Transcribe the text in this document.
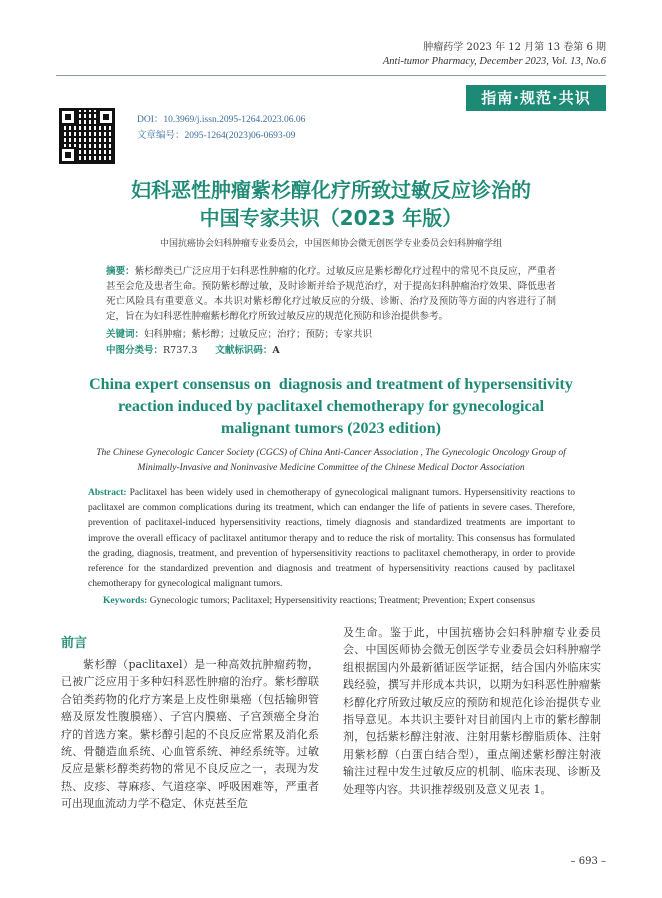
肿瘤药学 2023 年 12 月第 13 卷第 6 期
Anti-tumor Pharmacy, December 2023, Vol. 13, No.6
指南·规范·共识
DOI：10.3969/j.issn.2095-1264.2023.06.06
文章编号：2095-1264(2023)06-0693-09
妇科恶性肿瘤紫杉醇化疗所致过敏反应诊治的
中国专家共识（2023 年版）
中国抗癌协会妇科肿瘤专业委员会，中国医师协会微无创医学专业委员会妇科肿瘤学组
摘要：紫杉醇类已广泛应用于妇科恶性肿瘤的化疗。过敏反应是紫杉醇化疗过程中的常见不良反应，严重者甚至会危及患者生命。预防紫杉醇过敏，及时诊断并给予规范治疗，对于提高妇科肿瘤治疗效果、降低患者死亡风险具有重要意义。本共识对紫杉醇化疗过敏反应的分级、诊断、治疗及预防等方面的内容进行了制定，旨在为妇科恶性肿瘤紫杉醇化疗所致过敏反应的规范化预防和诊治提供参考。
关键词：妇科肿瘤；紫杉醇；过敏反应；治疗；预防；专家共识
中图分类号：R737.3 文献标识码：A
China expert consensus on  diagnosis and treatment of hypersensitivity
reaction induced by paclitaxel chemotherapy for gynecological
malignant tumors (2023 edition)
The Chinese Gynecologic Cancer Society (CGCS) of China Anti-Cancer Association , The Gynecologic Oncology Group of
Minimally-Invasive and Noninvasive Medicine Committee of the Chinese Medical Doctor Association
Abstract: Paclitaxel has been widely used in chemotherapy of gynecological malignant tumors. Hypersensitivity reactions to paclitaxel are common complications during its treatment, which can endanger the life of patients in severe cases. Therefore, prevention of paclitaxel-induced hypersensitivity reactions, timely diagnosis and standardized treatments are important to improve the overall efficacy of paclitaxel antitumor therapy and to reduce the risk of mortality. This consensus has formulated the grading, diagnosis, treatment, and prevention of hypersensitivity reactions to paclitaxel chemotherapy, in order to provide reference for the standardized prevention and diagnosis and treatment of hypersensitivity reactions caused by paclitaxel chemotherapy for gynecological malignant tumors.
Keywords: Gynecologic tumors; Paclitaxel; Hypersensitivity reactions; Treatment; Prevention; Expert consensus
前言
紫杉醇（paclitaxel）是一种高效抗肿瘤药物，已被广泛应用于多种妇科恶性肿瘤的治疗。紫杉醇联合铂类药物的化疗方案是上皮性卵巢癌（包括输卵管癌及原发性腹膜癌）、子宫内膜癌、子宫颈癌全身治疗的首选方案。紫杉醇引起的不良反应常累及消化系统、骨髓造血系统、心血管系统、神经系统等。过敏反应是紫杉醇类药物的常见不良反应之一，表现为发热、皮疹、荨麻疹、气道痉挛、呼吸困难等，严重者可出现血流动力学不稳定、休克甚至危
及生命。鉴于此，中国抗癌协会妇科肿瘤专业委员会、中国医师协会微无创医学专业委员会妇科肿瘤学组根据国内外最新循证医学证据，结合国内外临床实践经验，撰写并形成本共识，以期为妇科恶性肿瘤紫杉醇化疗所致过敏反应的预防和规范化诊治提供专业指导意见。本共识主要针对目前国内上市的紫杉醇制剂，包括紫杉醇注射液、注射用紫杉醇脂质体、注射用紫杉醇（白蛋白结合型），重点阐述紫杉醇注射液输注过程中发生过敏反应的机制、临床表现、诊断及处理等内容。共识推荐级别及意义见表 1。
– 693 –
